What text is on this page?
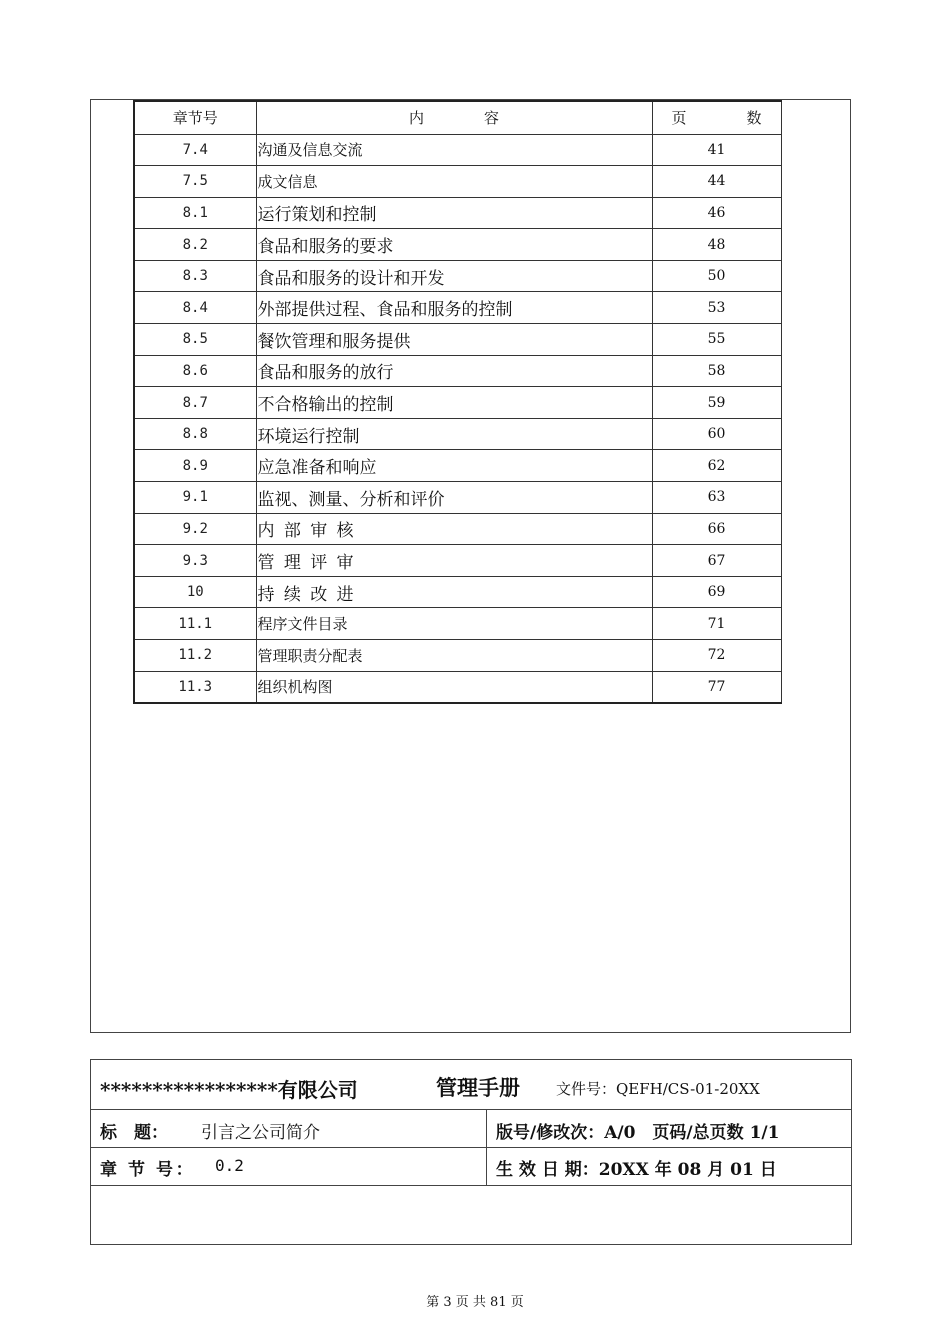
章节号	内　　　　容	页　　　　数
7.4	沟通及信息交流	41
7.5	成文信息	44
8.1	运行策划和控制	46
8.2	食品和服务的要求	48
8.3	食品和服务的设计和开发	50
8.4	外部提供过程、食品和服务的控制	53
8.5	餐饮管理和服务提供	55
8.6	食品和服务的放行	58
8.7	不合格输出的控制	59
8.8	环境运行控制	60
8.9	应急准备和响应	62
9.1	监视、测量、分析和评价	63
9.2	内部审核	66
9.3	管理评审	67
10	持续改进	69
11.1	程序文件目录	71
11.2	管理职责分配表	72
11.3	组织机构图	77
*****************有限公司	管理手册 文件号：QEFH/CS-01-20XX
标　题： 引言之公司简介	版号/修改次：A/0　页码/总页数 1/1
章 节 号： 0.2	生 效 日 期：20XX 年 08 月 01 日
第 3 页 共 81 页
